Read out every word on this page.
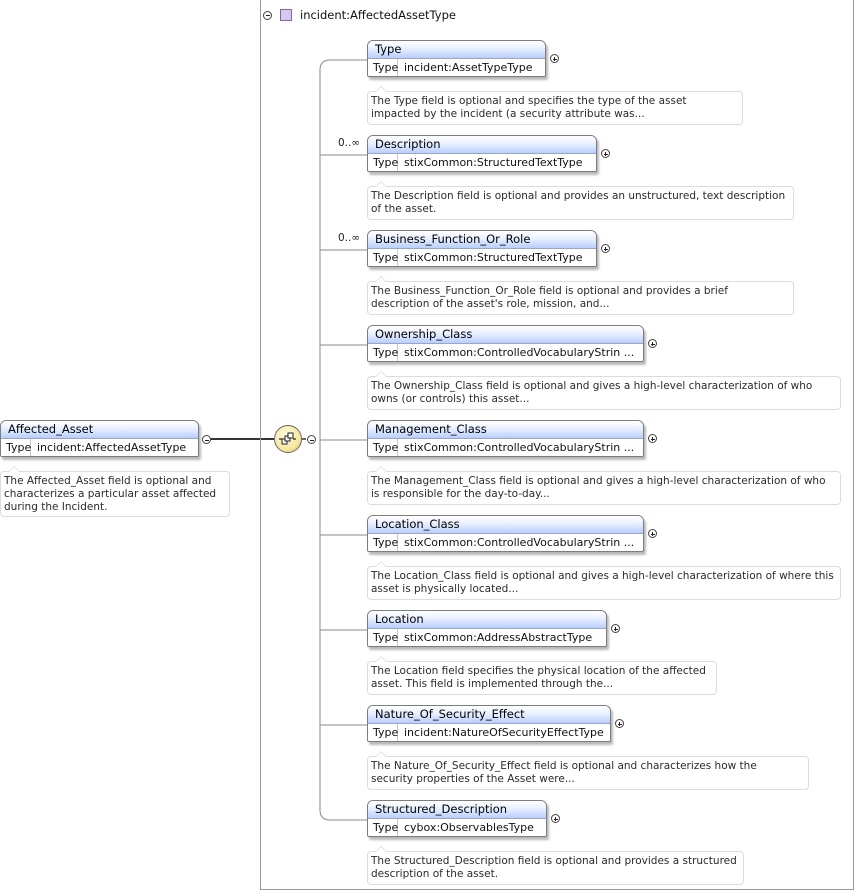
incident:AffectedAssetType
Affected_Asset
Type incident:AffectedAssetType
The Affected_Asset field is optional and characterizes a particular asset affected during the Incident.
Type
Type incident:AssetTypeType
The Type field is optional and specifies the type of the asset impacted by the incident (a security attribute was...
Description
Type stixCommon:StructuredTextType
0..∞
The Description field is optional and provides an unstructured, text description of the asset.
Business_Function_Or_Role
Type stixCommon:StructuredTextType
0..∞
The Business_Function_Or_Role field is optional and provides a brief description of the asset's role, mission, and...
Ownership_Class
Type stixCommon:ControlledVocabularyStrin ...
The Ownership_Class field is optional and gives a high-level characterization of who owns (or controls) this asset...
Management_Class
Type stixCommon:ControlledVocabularyStrin ...
The Management_Class field is optional and gives a high-level characterization of who is responsible for the day-to-day...
Location_Class
Type stixCommon:ControlledVocabularyStrin ...
The Location_Class field is optional and gives a high-level characterization of where this asset is physically located...
Location
Type stixCommon:AddressAbstractType
The Location field specifies the physical location of the affected asset. This field is implemented through the...
Nature_Of_Security_Effect
Type incident:NatureOfSecurityEffectType
The Nature_Of_Security_Effect field is optional and characterizes how the security properties of the Asset were...
Structured_Description
Type cybox:ObservablesType
The Structured_Description field is optional and provides a structured description of the asset.
